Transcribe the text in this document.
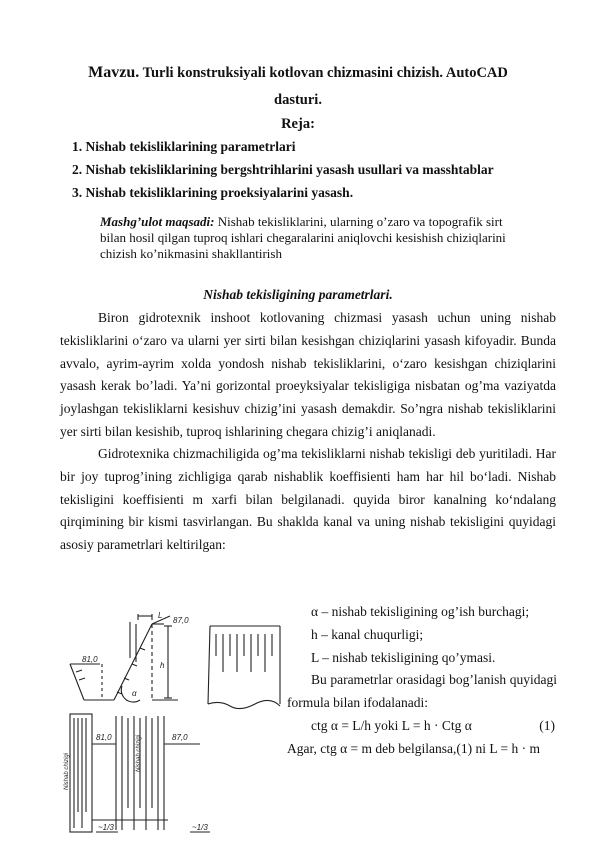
Mavzu. Turli konstruksiyali kotlovan chizmasini chizish. AutoCAD
dasturi.
Reja:
1. Nishab tekisliklarining parametrlari
2. Nishab tekisliklarining bergshtrihlarini yasash usullari va masshtablar
3. Nishab tekisliklarining proeksiyalarini yasash.
Mashg’ulot maqsadi: Nishab tekisliklarini, ularning o’zaro va topografik sirt bilan hosil qilgan tuproq ishlari chegaralarini aniqlovchi kesishish chiziqlarini chizish ko’nikmasini shakllantirish
Nishab tekisligining parametrlari.
Biron gidrotexnik inshoot kotlovaning chizmasi yasash uchun uning nishab tekisliklarini o‘zaro va ularni yer sirti bilan kesishgan chiziqlarini yasash kifoyadir. Bunda avvalo, ayrim-ayrim xolda yondosh nishab tekisliklarini, o‘zaro kesishgan chiziqlarini yasash kerak bo’ladi. Ya’ni gorizontal proeyksiyalar tekisligiga nisbatan og’ma vaziyatda joylashgan tekisliklarni kesishuv chizig’ini yasash demakdir. So’ngra nishab tekisliklarini yer sirti bilan kesishib, tuproq ishlarining chegara chizig’i aniqlanadi.
Gidrotexnika chizmachiligida og’ma tekisliklarni nishab tekisligi deb yuritiladi. Har bir joy tuprog’ining zichligiga qarab nishablik koeffisienti ham har hil bo‘ladi. Nishab tekisligini koeffisienti m xarfi bilan belgilanadi. quyida biror kanalning ko‘ndalang qirqimining bir kismi tasvirlangan. Bu shaklda kanal va uning nishab tekisligini quyidagi asosiy parametrlari keltirilgan:

α – nishab tekisligining og’ish burchagi;

h – kanal chuqurligi;

L – nishab tekisligining qo’ymasi.

Bu parametrlar orasidagi bog’lanish quyidagi formula bilan ifodalanadi:

ctg α = L/h yoki L = h · Ctg α	(1)

Agar, ctg α = m deb belgilansa,(1) ni L = h · m

87,0
81,0
L
h
α
81,0	87,0
Nishab chizigi	Nishab chizigi
~1/3	~1/3
